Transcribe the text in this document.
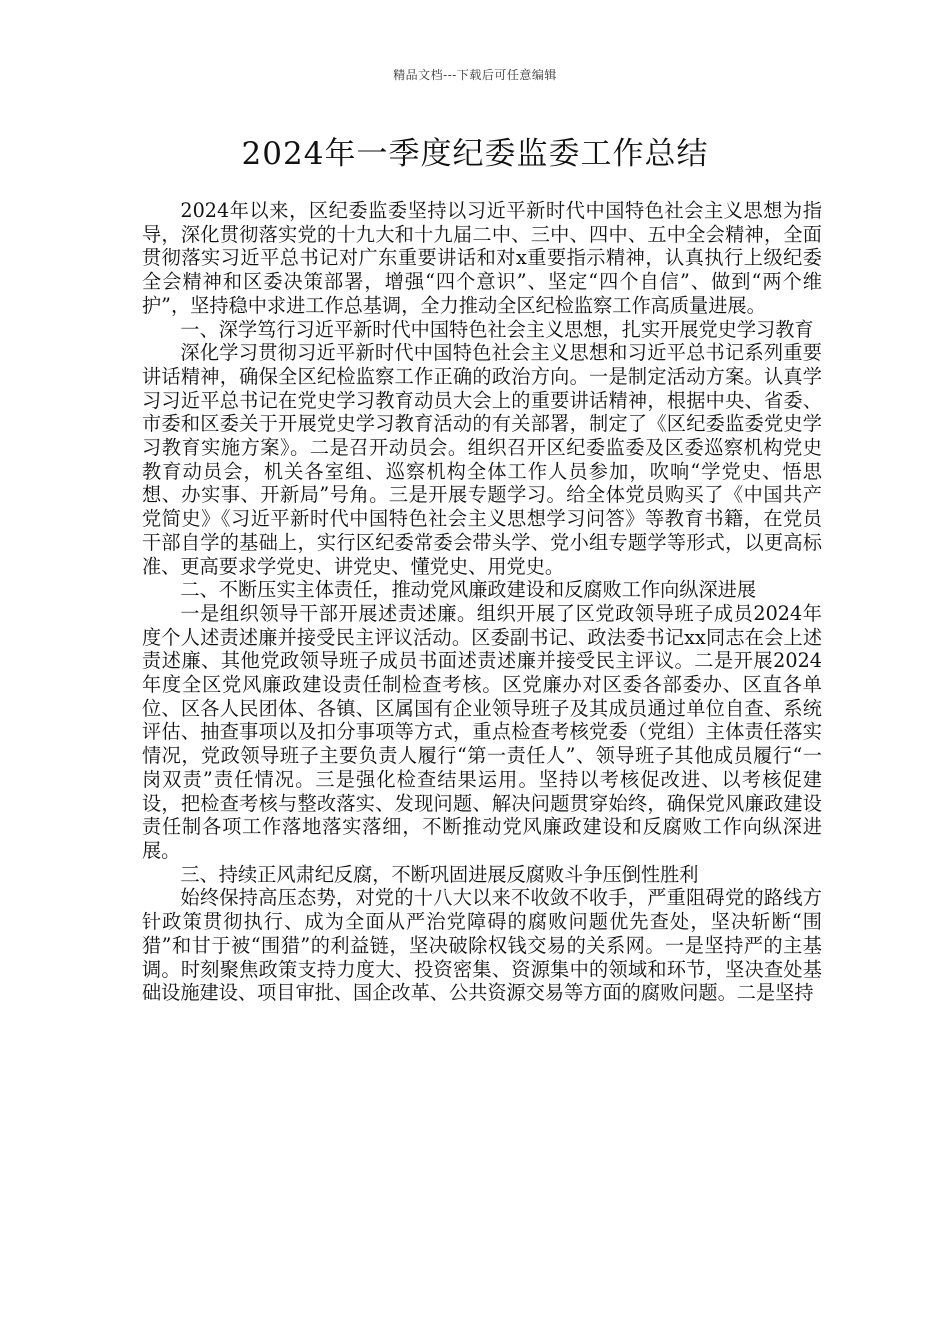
精品文档---下载后可任意编辑
2024年一季度纪委监委工作总结

2024年以来，区纪委监委坚持以习近平新时代中国特色社会主义思想为指导，深化贯彻落实党的十九大和十九届二中、三中、四中、五中全会精神，全面贯彻落实习近平总书记对广东重要讲话和对x重要指示精神，认真执行上级纪委全会精神和区委决策部署，增强“四个意识”、坚定“四个自信”、做到“两个维护”，坚持稳中求进工作总基调，全力推动全区纪检监察工作高质量进展。

一、深学笃行习近平新时代中国特色社会主义思想，扎实开展党史学习教育

深化学习贯彻习近平新时代中国特色社会主义思想和习近平总书记系列重要讲话精神，确保全区纪检监察工作正确的政治方向。一是制定活动方案。认真学习习近平总书记在党史学习教育动员大会上的重要讲话精神，根据中央、省委、市委和区委关于开展党史学习教育活动的有关部署，制定了《区纪委监委党史学习教育实施方案》。二是召开动员会。组织召开区纪委监委及区委巡察机构党史教育动员会，机关各室组、巡察机构全体工作人员参加，吹响“学党史、悟思想、办实事、开新局”号角。三是开展专题学习。给全体党员购买了《中国共产党简史》《习近平新时代中国特色社会主义思想学习问答》等教育书籍，在党员干部自学的基础上，实行区纪委常委会带头学、党小组专题学等形式，以更高标准、更高要求学党史、讲党史、懂党史、用党史。

二、不断压实主体责任，推动党风廉政建设和反腐败工作向纵深进展

一是组织领导干部开展述责述廉。组织开展了区党政领导班子成员2024年度个人述责述廉并接受民主评议活动。区委副书记、政法委书记xx同志在会上述责述廉、其他党政领导班子成员书面述责述廉并接受民主评议。二是开展2024年度全区党风廉政建设责任制检查考核。区党廉办对区委各部委办、区直各单位、区各人民团体、各镇、区属国有企业领导班子及其成员通过单位自查、系统评估、抽查事项以及扣分事项等方式，重点检查考核党委（党组）主体责任落实情况，党政领导班子主要负责人履行“第一责任人”、领导班子其他成员履行“一岗双责”责任情况。三是强化检查结果运用。坚持以考核促改进、以考核促建设，把检查考核与整改落实、发现问题、解决问题贯穿始终，确保党风廉政建设责任制各项工作落地落实落细，不断推动党风廉政建设和反腐败工作向纵深进展。

三、持续正风肃纪反腐，不断巩固进展反腐败斗争压倒性胜利

始终保持高压态势，对党的十八大以来不收敛不收手，严重阻碍党的路线方针政策贯彻执行、成为全面从严治党障碍的腐败问题优先查处，坚决斩断“围猎”和甘于被“围猎”的利益链，坚决破除权钱交易的关系网。一是坚持严的主基调。时刻聚焦政策支持力度大、投资密集、资源集中的领域和环节，坚决查处基础设施建设、项目审批、国企改革、公共资源交易等方面的腐败问题。二是坚持
